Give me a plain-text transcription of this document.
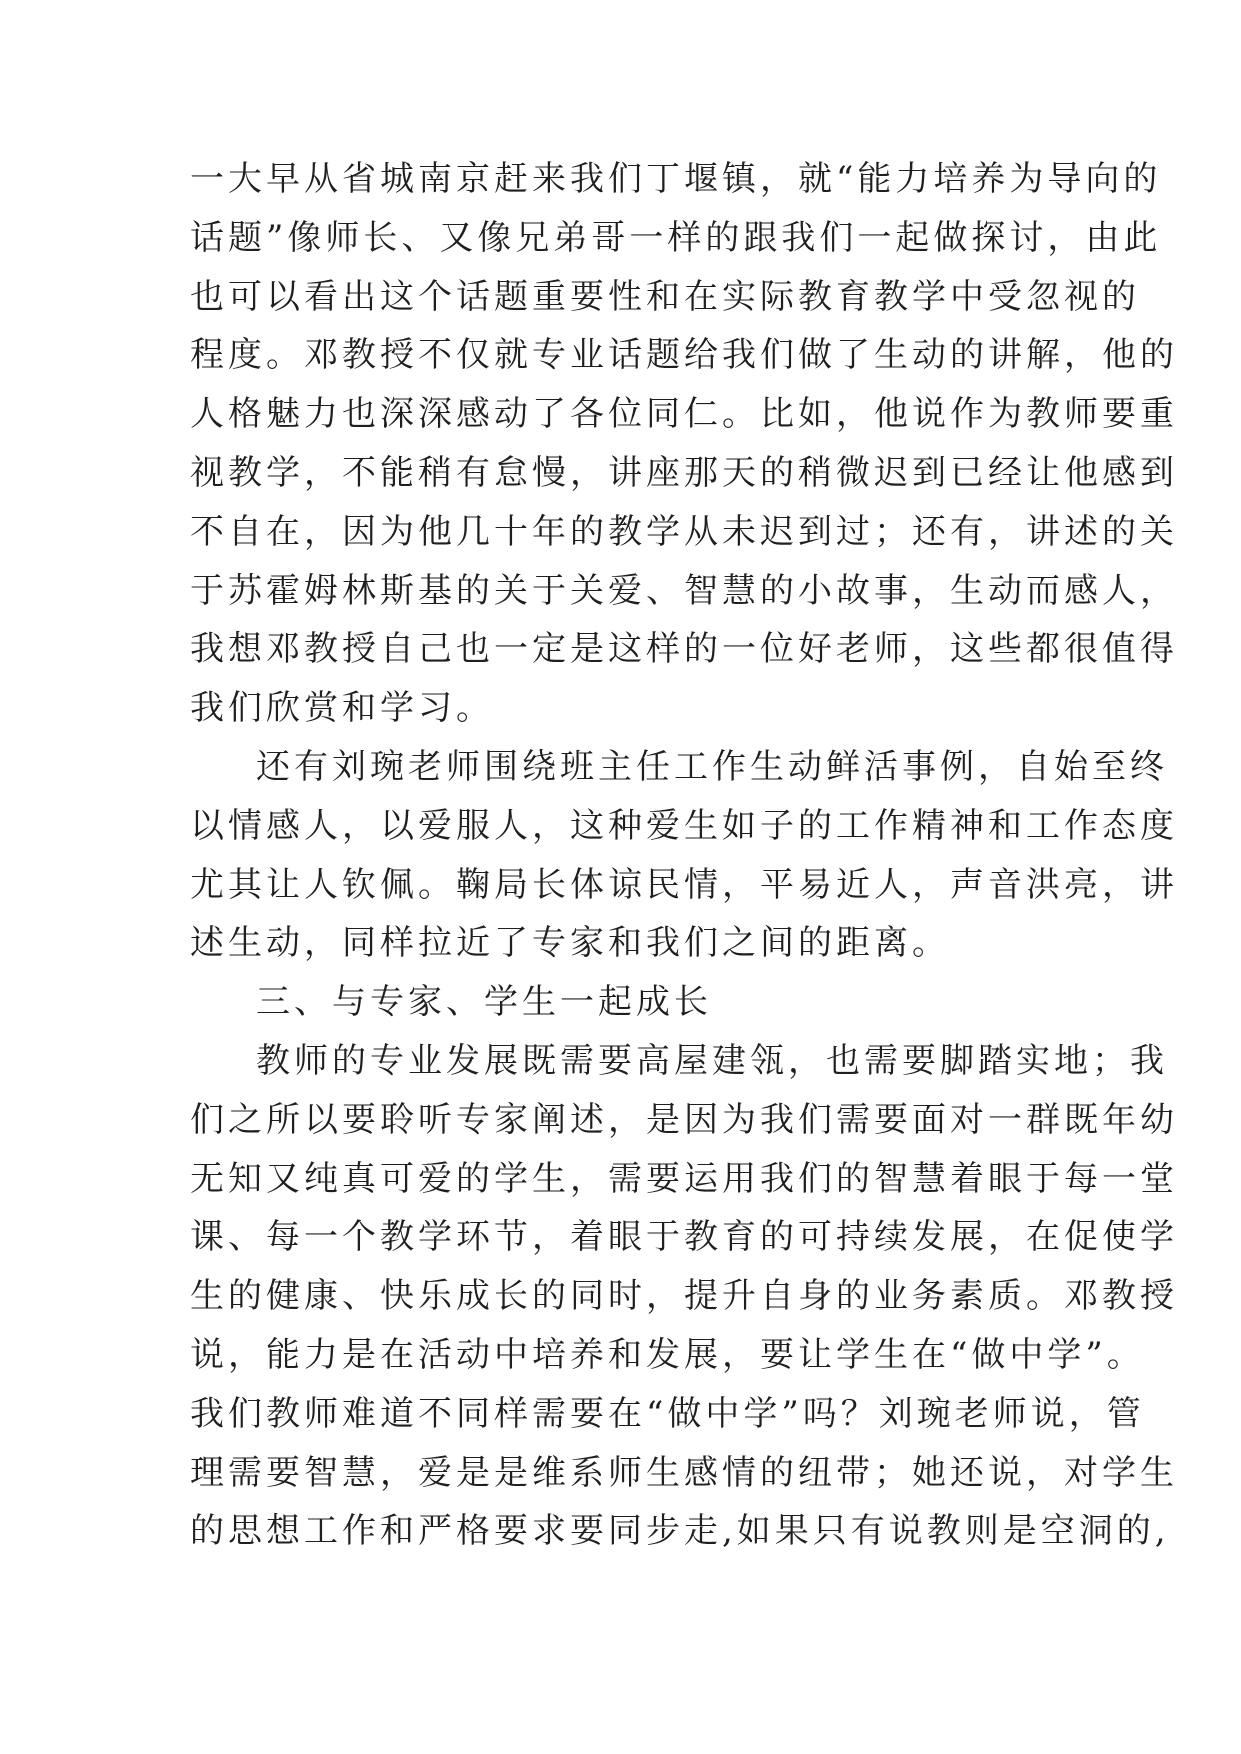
一大早从省城南京赶来我们丁堰镇，就“能力培养为导向的

话题”像师长、又像兄弟哥一样的跟我们一起做探讨，由此

也可以看出这个话题重要性和在实际教育教学中受忽视的

程度。邓教授不仅就专业话题给我们做了生动的讲解，他的

人格魅力也深深感动了各位同仁。比如，他说作为教师要重

视教学，不能稍有怠慢，讲座那天的稍微迟到已经让他感到

不自在，因为他几十年的教学从未迟到过；还有，讲述的关

于苏霍姆林斯基的关于关爱、智慧的小故事，生动而感人，

我想邓教授自己也一定是这样的一位好老师，这些都很值得

我们欣赏和学习。

还有刘琬老师围绕班主任工作生动鲜活事例，自始至终

以情感人，以爱服人，这种爱生如子的工作精神和工作态度

尤其让人钦佩。鞠局长体谅民情，平易近人，声音洪亮，讲

述生动，同样拉近了专家和我们之间的距离。

三、与专家、学生一起成长

教师的专业发展既需要高屋建瓴，也需要脚踏实地；我

们之所以要聆听专家阐述，是因为我们需要面对一群既年幼

无知又纯真可爱的学生，需要运用我们的智慧着眼于每一堂

课、每一个教学环节，着眼于教育的可持续发展，在促使学

生的健康、快乐成长的同时，提升自身的业务素质。邓教授

说，能力是在活动中培养和发展，要让学生在“做中学”。

我们教师难道不同样需要在“做中学”吗？刘琬老师说，管

理需要智慧，爱是是维系师生感情的纽带；她还说，对学生

的思想工作和严格要求要同步走,如果只有说教则是空洞的,
